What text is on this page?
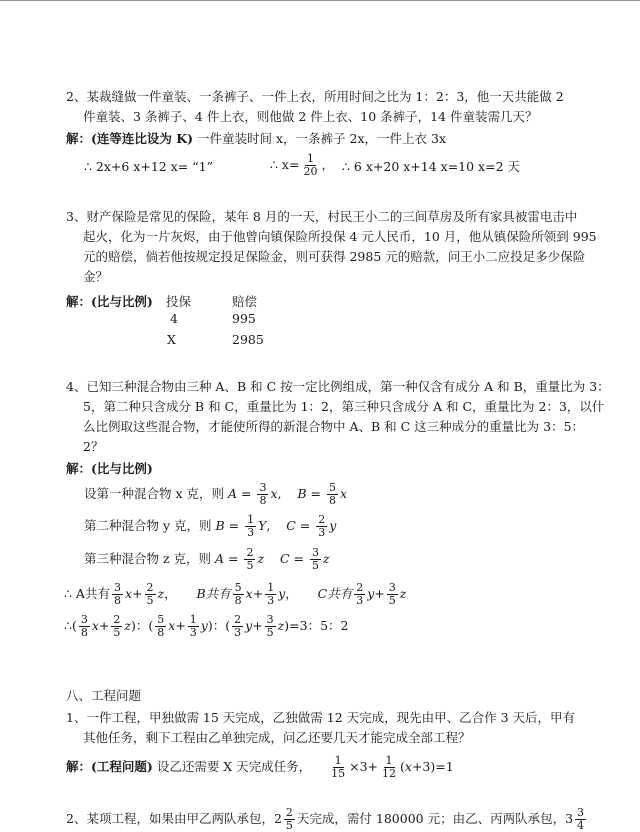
2、某裁缝做一件童装、一条裤子、一件上衣，所用时间之比为 1：2：3，他一天共能做 2
件童装、3 条裤子、4 件上衣，则他做 2 件上衣、10 条裤子，14 件童装需几天？
解：(连等连比设为 K) 一件童装时间 x，一条裤子 2x，一件上衣 3x
∴ 2x+6 x+12 x= “1”	∴ $x= \frac{1}{20}$ ， ∴ 6 x+20 x+14 x=10 x=2 天
3、财产保险是常见的保险，某年 8 月的一天，村民王小二的三间草房及所有家具被雷电击中
起火，化为一片灰烬，由于他曾向镇保险所投保 4 元人民币，10 月，他从镇保险所领到 995
元的赔偿，倘若他按规定投足保险金，则可获得 2985 元的赔款，问王小二应投足多少保险
金？
解：(比与比例) 投保	赔偿
4	995
X	2985
4、已知三种混合物由三种 A、B 和 C 按一定比例组成，第一种仅含有成分 A 和 B，重量比为 3：
5，第二种只含成分 B 和 C，重量比为 1：2，第三种只含成分 A 和 C，重量比为 2：3，以什
么比例取这些混合物，才能使所得的新混合物中 A、B 和 C 这三种成分的重量比为 3：5：
2？
解：(比与比例)
设第一种混合物 x 克，则 $A = \frac{3}{8} x$,    $B = \frac{5}{8}$ x
第二种混合物 y 克，则 $B = \frac{1}{3} Y$,    $C = \frac{2}{3}$ y
第三种混合物 z 克，则 $A = \frac{2}{5}$ z $C = \frac{3}{5}$ z
∴ A共有 $\frac{3}{8} x+ \frac{2}{5}$ z，     B共有 $\frac{5}{8} x+ \frac{1}{3}$ y，     C共有 $\frac{2}{3} y+ \frac{3}{5}$ z
∴( $\frac{3}{8} x+ \frac{2}{5} z$)：( $\frac{5}{8} x+ \frac{1}{3} y$)：( $\frac{2}{3} y+ \frac{3}{5} z)=3$：5：2
八、工程问题
1、一件工程，甲独做需 15 天完成，乙独做需 12 天完成，现先由甲、乙合作 3 天后，甲有
其他任务，剩下工程由乙单独完成，问乙还要几天才能完成全部工程？
解：(工程问题) 设乙还需要 X 天完成任务， $\frac{1}{15} \times 3+ \frac{1}{12} (x+3)=1$
2、某项工程，如果由甲乙两队承包，$2 \frac{2}{5}$ 天完成，需付 180000 元；由乙、丙两队承包，$3 \frac{3}{4}$
